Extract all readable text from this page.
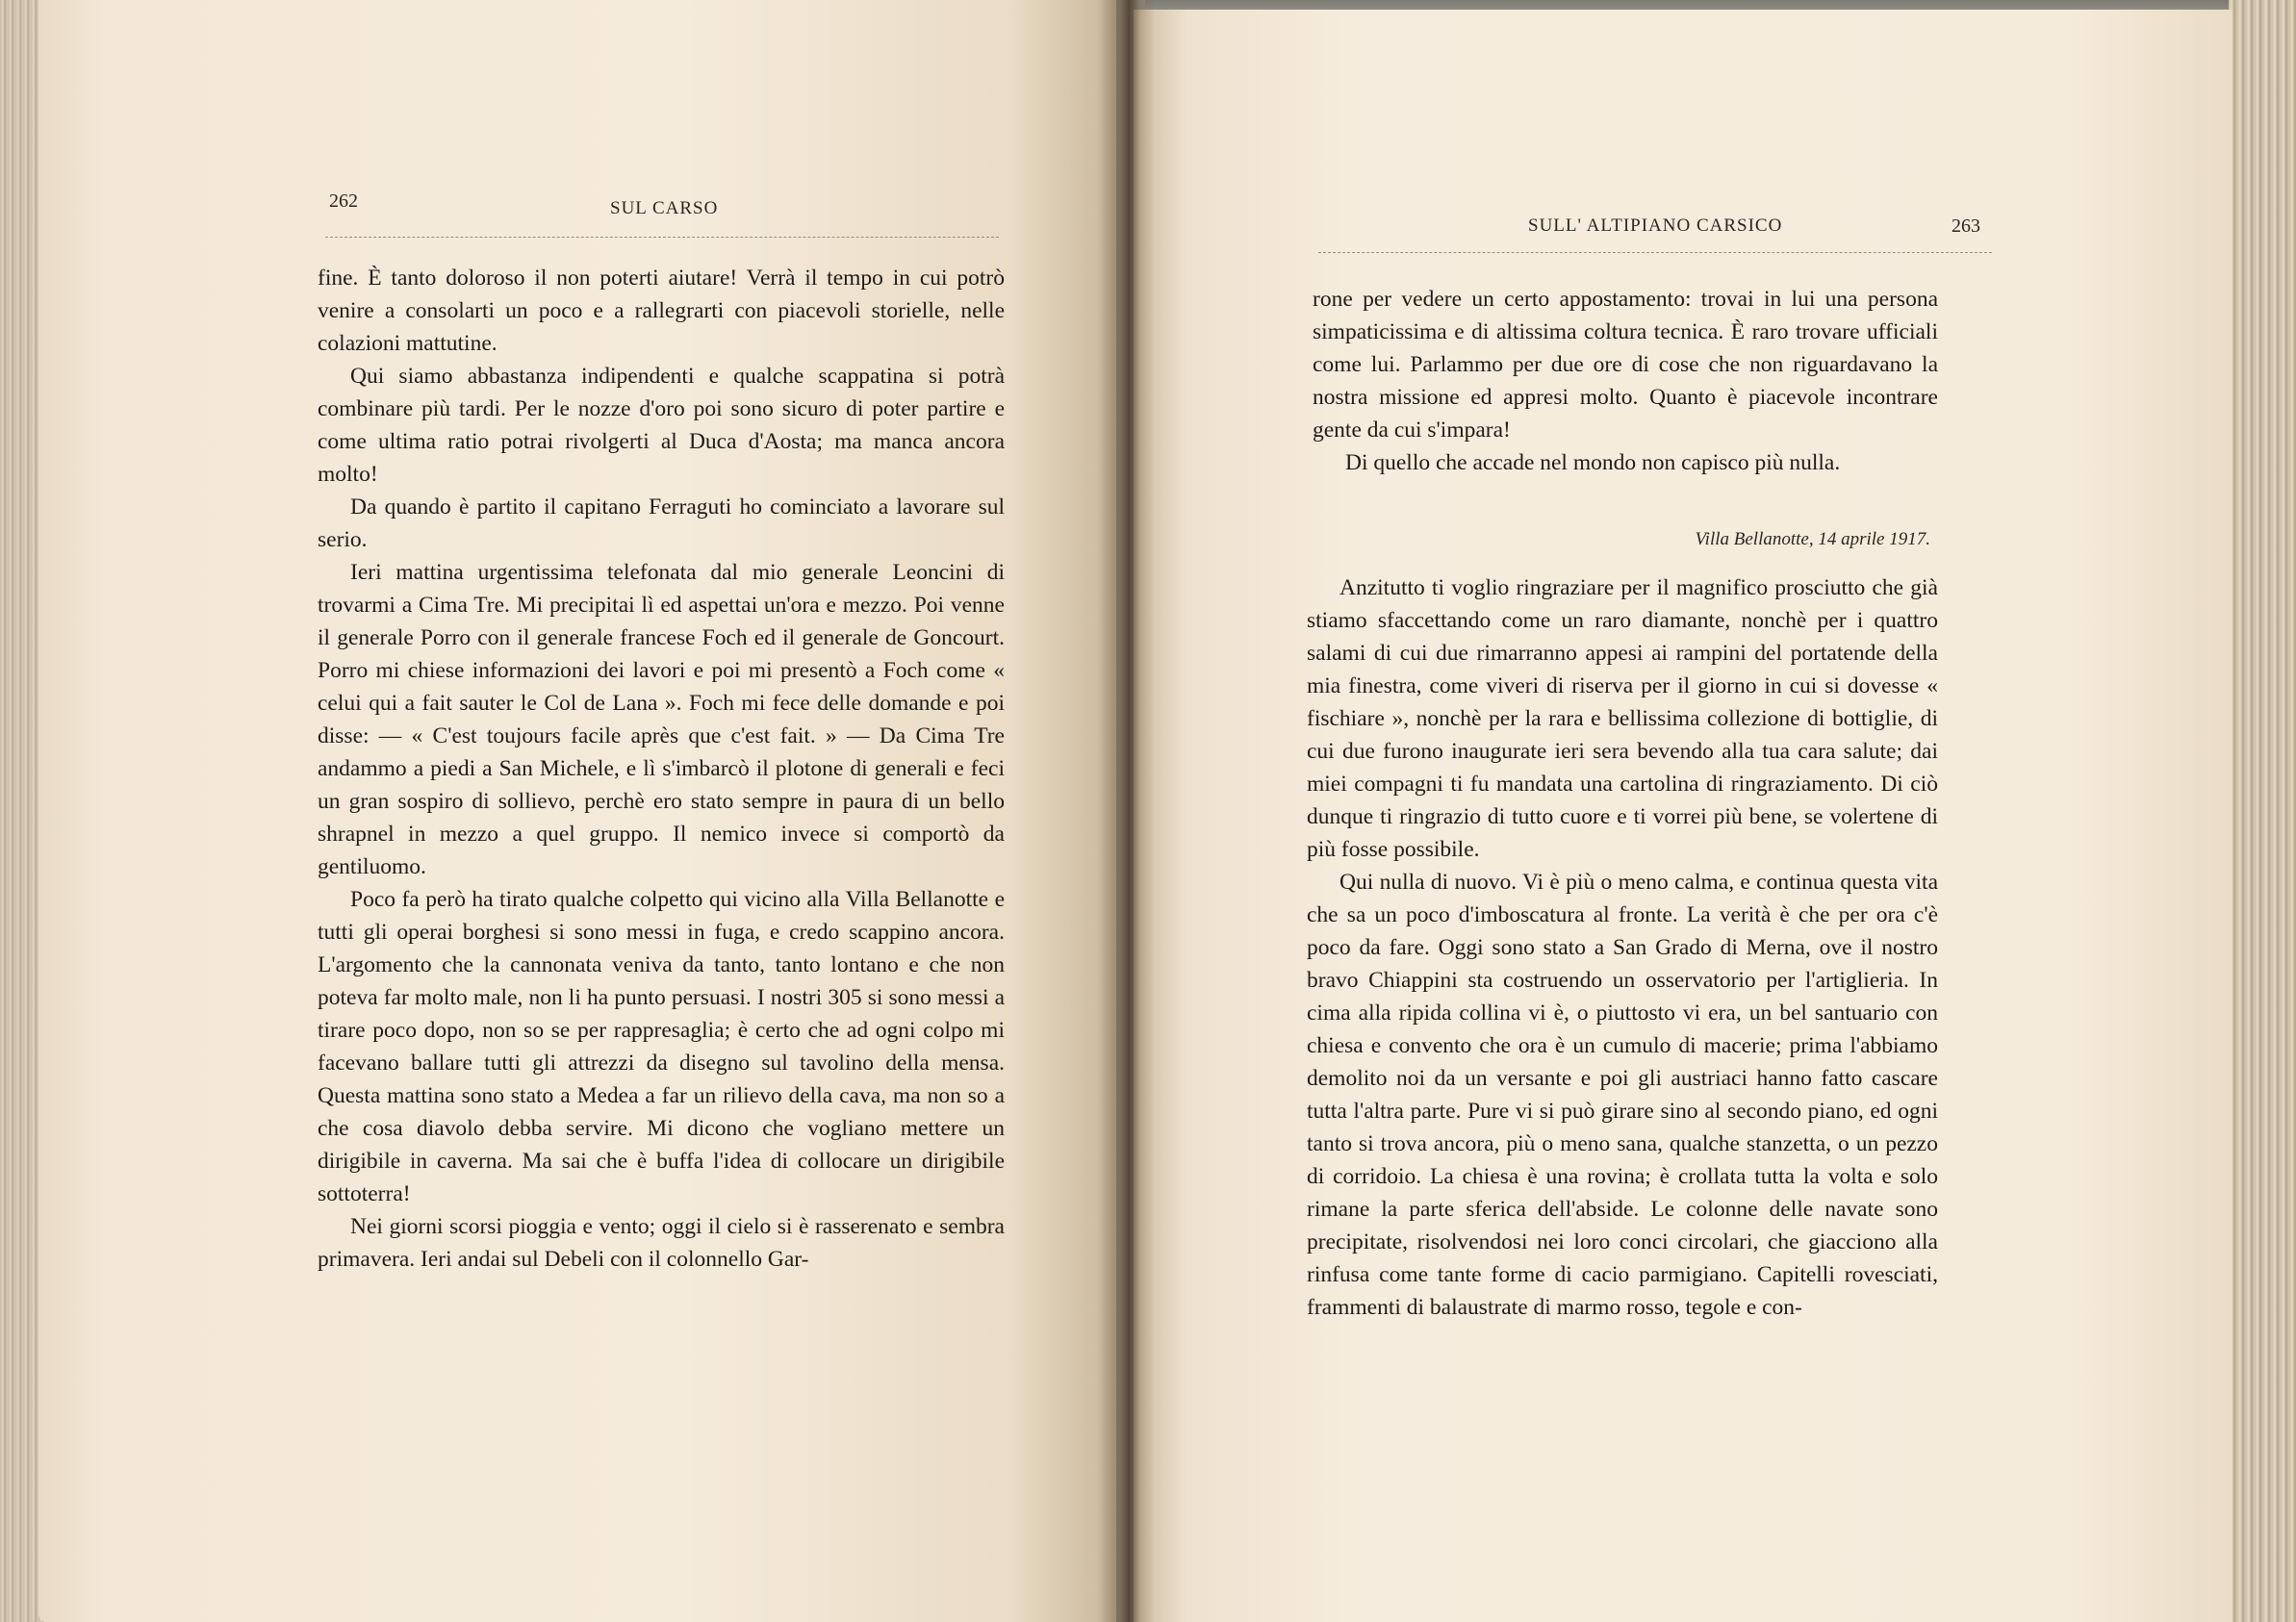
262	SUL CARSO

fine. È tanto doloroso il non poterti aiutare! Verrà il tempo in cui potrò venire a consolarti un poco e a rallegrarti con piacevoli storielle, nelle colazioni mattutine.

Qui siamo abbastanza indipendenti e qualche scappatina si potrà combinare più tardi. Per le nozze d'oro poi sono sicuro di poter partire e come ultima ratio potrai rivolgerti al Duca d'Aosta; ma manca ancora molto!

Da quando è partito il capitano Ferraguti ho cominciato a lavorare sul serio.

Ieri mattina urgentissima telefonata dal mio generale Leoncini di trovarmi a Cima Tre. Mi precipitai lì ed aspettai un'ora e mezzo. Poi venne il generale Porro con il generale francese Foch ed il generale de Goncourt. Porro mi chiese informazioni dei lavori e poi mi presentò a Foch come « celui qui a fait sauter le Col de Lana ». Foch mi fece delle domande e poi disse: — « C'est toujours facile après que c'est fait. » — Da Cima Tre andammo a piedi a San Michele, e lì s'imbarcò il plotone di generali e feci un gran sospiro di sollievo, perchè ero stato sempre in paura di un bello shrapnel in mezzo a quel gruppo. Il nemico invece si comportò da gentiluomo.

Poco fa però ha tirato qualche colpetto qui vicino alla Villa Bellanotte e tutti gli operai borghesi si sono messi in fuga, e credo scappino ancora. L'argomento che la cannonata veniva da tanto, tanto lontano e che non poteva far molto male, non li ha punto persuasi. I nostri 305 si sono messi a tirare poco dopo, non so se per rappresaglia; è certo che ad ogni colpo mi facevano ballare tutti gli attrezzi da disegno sul tavolino della mensa. Questa mattina sono stato a Medea a far un rilievo della cava, ma non so a che cosa diavolo debba servire. Mi dicono che vogliano mettere un dirigibile in caverna. Ma sai che è buffa l'idea di collocare un dirigibile sottoterra!

Nei giorni scorsi pioggia e vento; oggi il cielo si è rasserenato e sembra primavera. Ieri andai sul Debeli con il colonnello Gar-

SULL' ALTIPIANO CARSICO	263

rone per vedere un certo appostamento: trovai in lui una persona simpaticissima e di altissima coltura tecnica. È raro trovare ufficiali come lui. Parlammo per due ore di cose che non riguardavano la nostra missione ed appresi molto. Quanto è piacevole incontrare gente da cui s'impara!

Di quello che accade nel mondo non capisco più nulla.

Villa Bellanotte, 14 aprile 1917.

Anzitutto ti voglio ringraziare per il magnifico prosciutto che già stiamo sfaccettando come un raro diamante, nonchè per i quattro salami di cui due rimarranno appesi ai rampini del portatende della mia finestra, come viveri di riserva per il giorno in cui si dovesse « fischiare », nonchè per la rara e bellissima collezione di bottiglie, di cui due furono inaugurate ieri sera bevendo alla tua cara salute; dai miei compagni ti fu mandata una cartolina di ringraziamento. Di ciò dunque ti ringrazio di tutto cuore e ti vorrei più bene, se volertene di più fosse possibile.

Qui nulla di nuovo. Vi è più o meno calma, e continua questa vita che sa un poco d'imboscatura al fronte. La verità è che per ora c'è poco da fare. Oggi sono stato a San Grado di Merna, ove il nostro bravo Chiappini sta costruendo un osservatorio per l'artiglieria. In cima alla ripida collina vi è, o piuttosto vi era, un bel santuario con chiesa e convento che ora è un cumulo di macerie; prima l'abbiamo demolito noi da un versante e poi gli austriaci hanno fatto cascare tutta l'altra parte. Pure vi si può girare sino al secondo piano, ed ogni tanto si trova ancora, più o meno sana, qualche stanzetta, o un pezzo di corridoio. La chiesa è una rovina; è crollata tutta la volta e solo rimane la parte sferica dell'abside. Le colonne delle navate sono precipitate, risolvendosi nei loro conci circolari, che giacciono alla rinfusa come tante forme di cacio parmigiano. Capitelli rovesciati, frammenti di balaustrate di marmo rosso, tegole e con-
